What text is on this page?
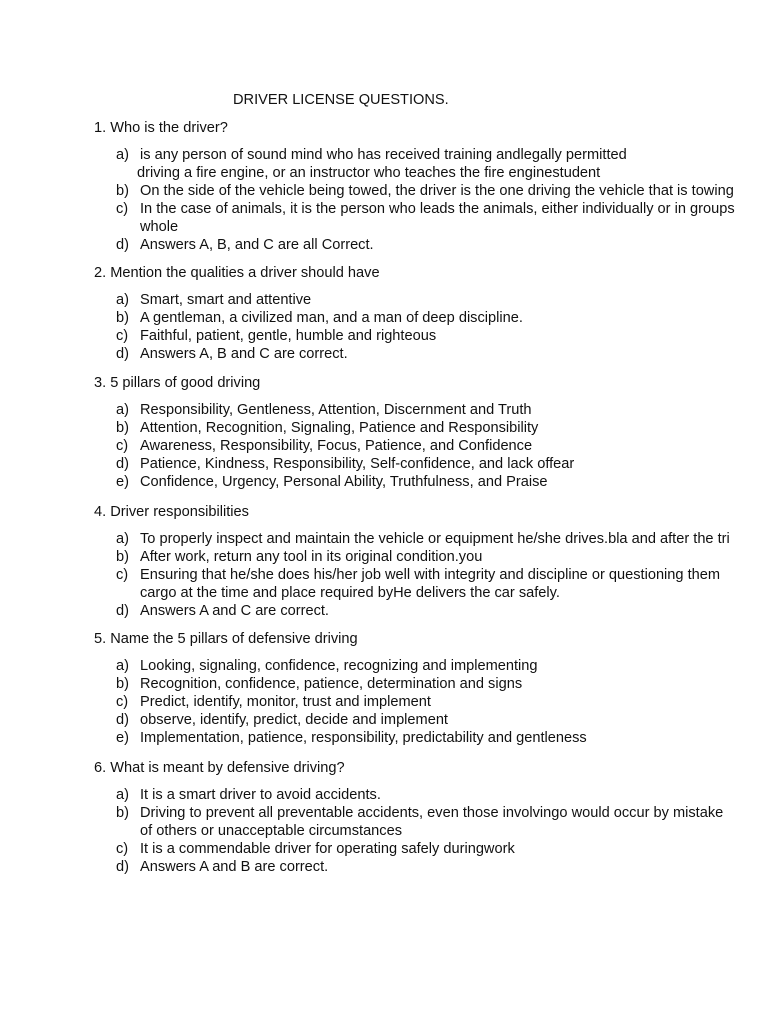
DRIVER LICENSE QUESTIONS.
1. Who is the driver?
a) is any person of sound mind who has received training andlegally permitted
driving a fire engine, or an instructor who teaches the fire enginestudent
b) On the side of the vehicle being towed, the driver is the one driving the vehicle that is towing
c) In the case of animals, it is the person who leads the animals, either individually or in groups
whole
d) Answers A, B, and C are all Correct.
2. Mention the qualities a driver should have
a) Smart, smart and attentive
b) A gentleman, a civilized man, and a man of deep discipline.
c) Faithful, patient, gentle, humble and righteous
d) Answers A, B and C are correct.
3. 5 pillars of good driving
a) Responsibility, Gentleness, Attention, Discernment and Truth
b) Attention, Recognition, Signaling, Patience and Responsibility
c) Awareness, Responsibility, Focus, Patience, and Confidence
d) Patience, Kindness, Responsibility, Self-confidence, and lack offear
e) Confidence, Urgency, Personal Ability, Truthfulness, and Praise
4. Driver responsibilities
a) To properly inspect and maintain the vehicle or equipment he/she drives.bla and after the tri
b) After work, return any tool in its original condition.you
c) Ensuring that he/she does his/her job well with integrity and discipline or questioning them
cargo at the time and place required byHe delivers the car safely.
d) Answers A and C are correct.
5. Name the 5 pillars of defensive driving
a) Looking, signaling, confidence, recognizing and implementing
b) Recognition, confidence, patience, determination and signs
c) Predict, identify, monitor, trust and implement
d) observe, identify, predict, decide and implement
e) Implementation, patience, responsibility, predictability and gentleness
6. What is meant by defensive driving?
a) It is a smart driver to avoid accidents.
b) Driving to prevent all preventable accidents, even those involvingo would occur by mistake
of others or unacceptable circumstances
c) It is a commendable driver for operating safely duringwork
d) Answers A and B are correct.
